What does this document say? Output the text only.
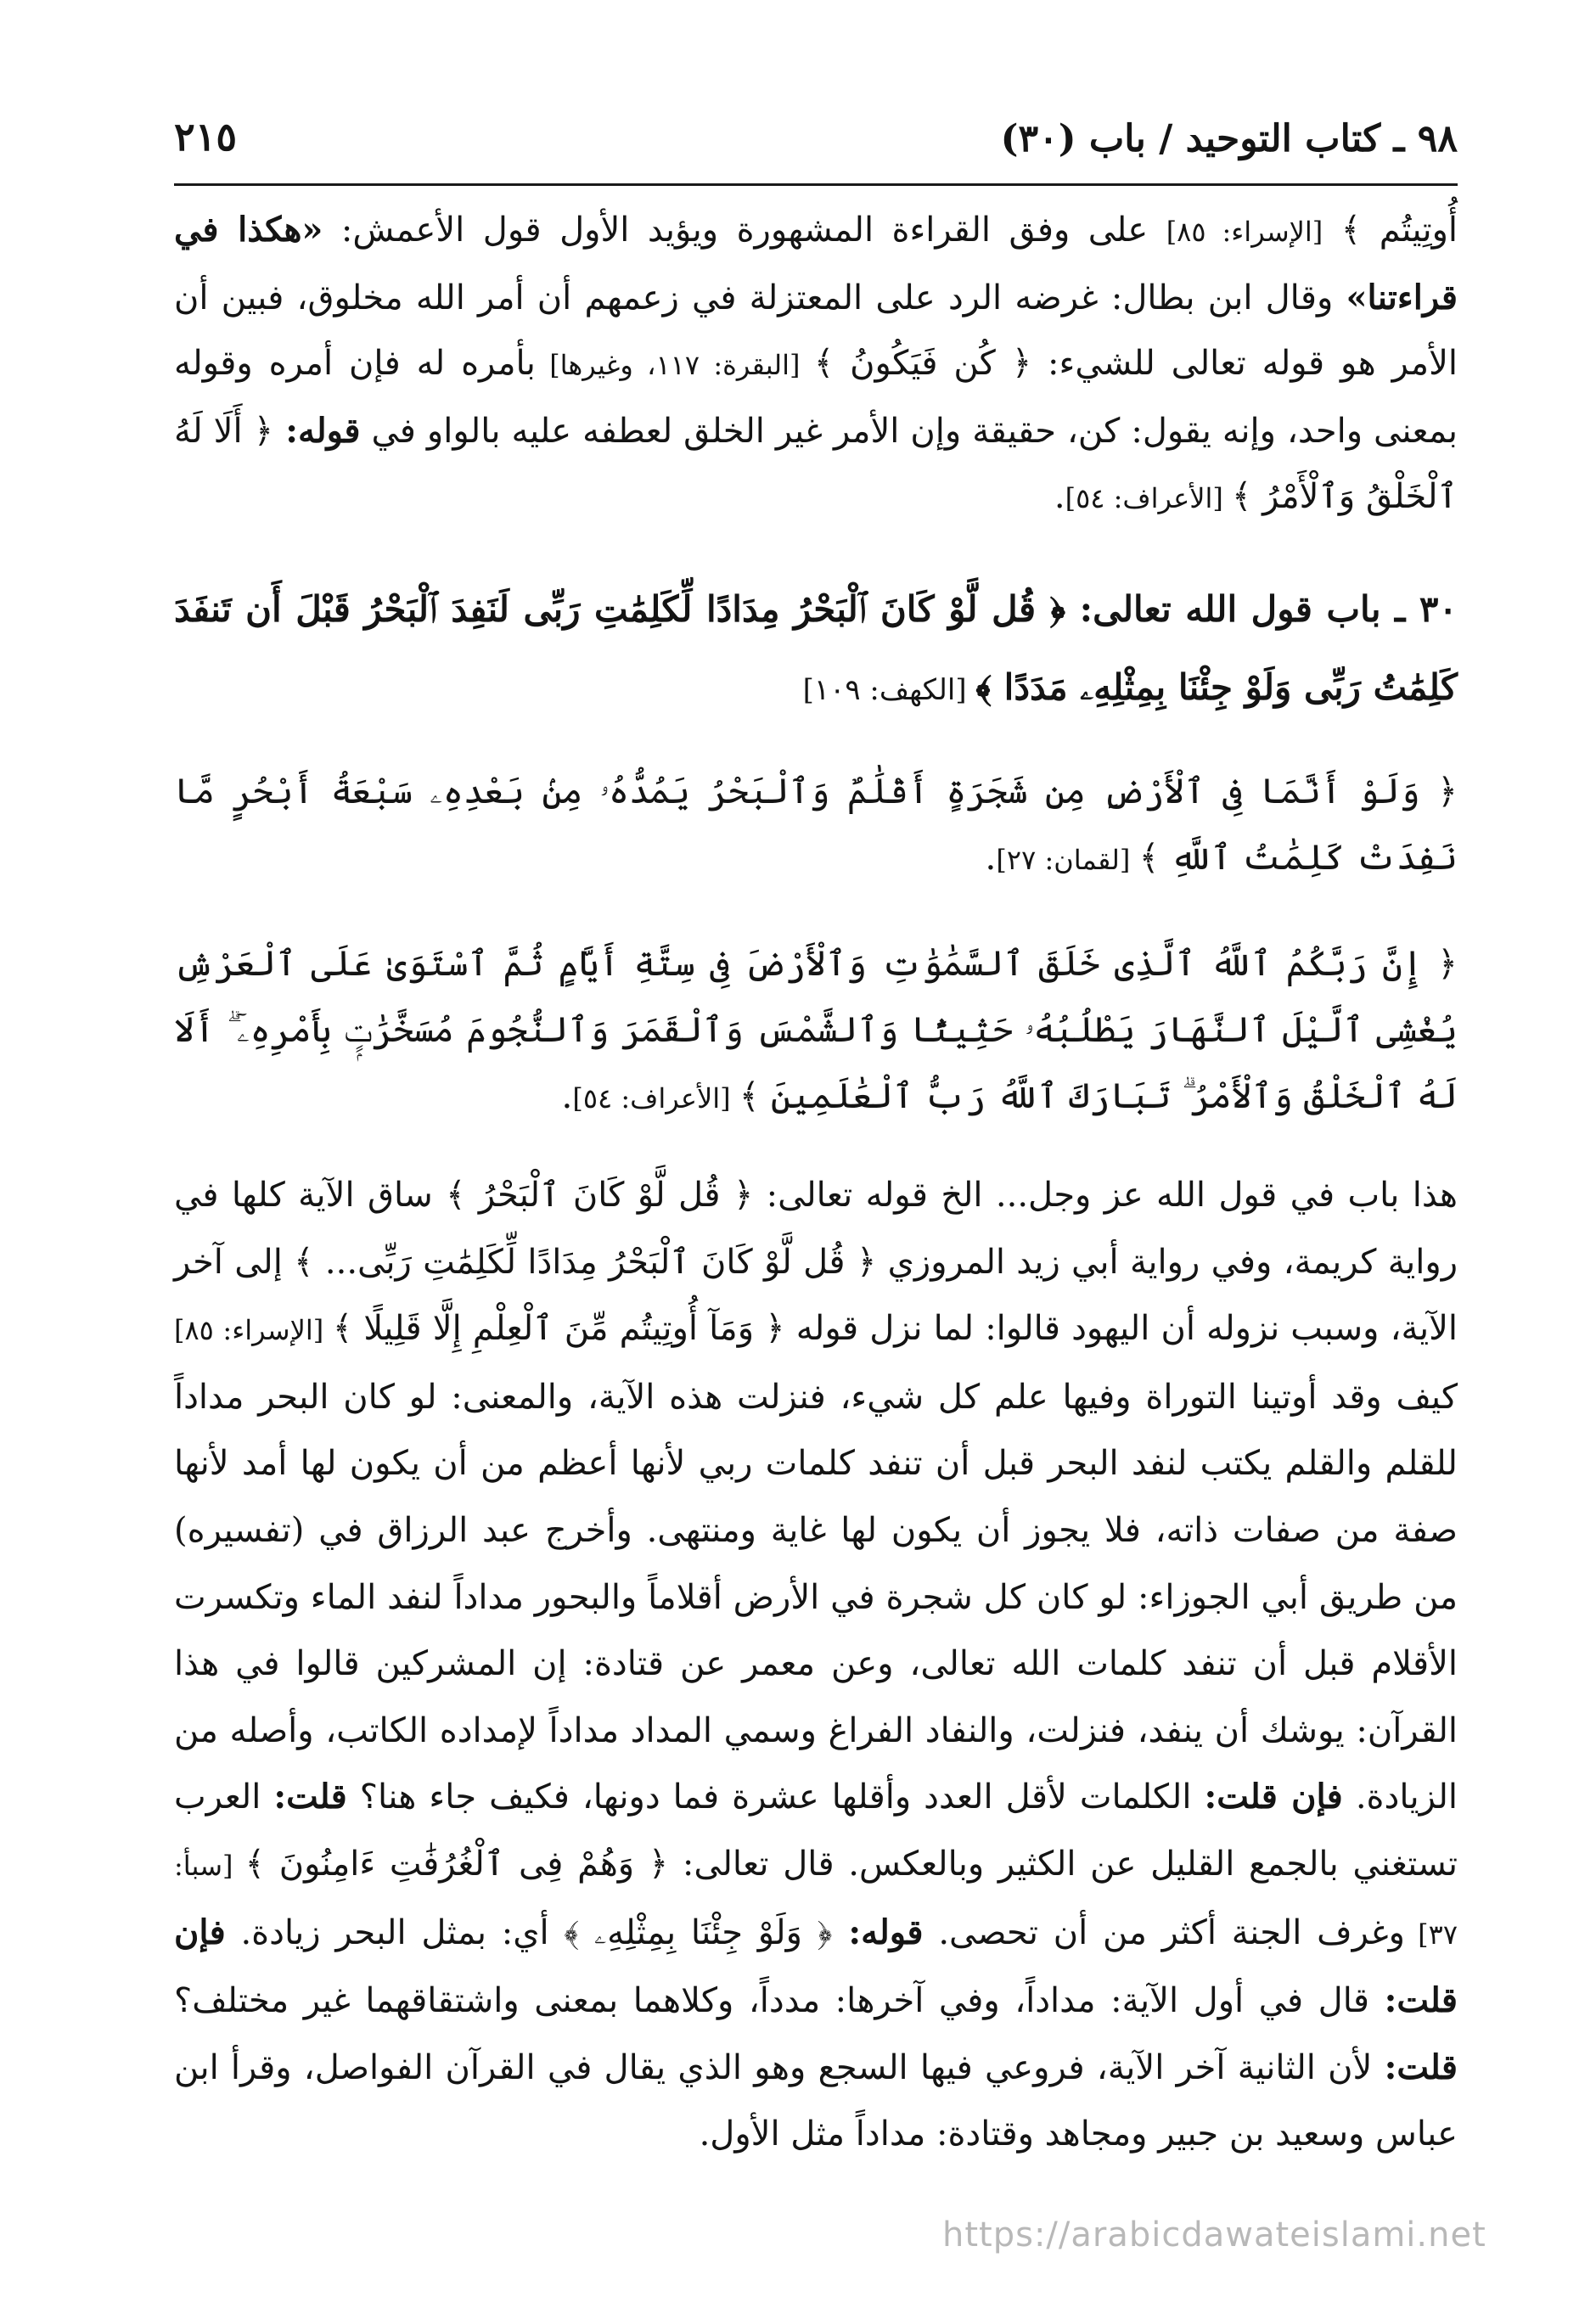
٩٨ ـ كتاب التوحيد / باب (٣٠)
٢١٥

أُوتِيتُم ﴾ [الإسراء: ٨٥] على وفق القراءة المشهورة ويؤيد الأول قول الأعمش: «هكذا في قراءتنا» وقال ابن بطال: غرضه الرد على المعتزلة في زعمهم أن أمر الله مخلوق، فبين أن الأمر هو قوله تعالى للشيء: ﴿ كُن فَيَكُونُ ﴾ [البقرة: ١١٧، وغيرها] بأمره له فإن أمره وقوله بمعنى واحد، وإنه يقول: كن، حقيقة وإن الأمر غير الخلق لعطفه عليه بالواو في قوله: ﴿ أَلَا لَهُ ٱلْخَلْقُ وَٱلْأَمْرُ ﴾ [الأعراف: ٥٤].

٣٠ ـ باب قول الله تعالى: ﴿ قُل لَّوْ كَانَ ٱلْبَحْرُ مِدَادًا لِّكَلِمَٰتِ رَبِّى لَنَفِدَ ٱلْبَحْرُ قَبْلَ أَن تَنفَدَ كَلِمَٰتُ رَبِّى وَلَوْ جِئْنَا بِمِثْلِهِۦ مَدَدًا ﴾ [الكهف: ١٠٩]

﴿ وَلَوْ أَنَّمَا فِى ٱلْأَرْضِ مِن شَجَرَةٍ أَقْلَٰمٌ وَٱلْبَحْرُ يَمُدُّهُۥ مِنۢ بَعْدِهِۦ سَبْعَةُ أَبْحُرٍ مَّا نَفِدَتْ كَلِمَٰتُ ٱللَّهِ ﴾ [لقمان: ٢٧].

﴿ إِنَّ رَبَّكُمُ ٱللَّهُ ٱلَّذِى خَلَقَ ٱلسَّمَٰوَٰتِ وَٱلْأَرْضَ فِى سِتَّةِ أَيَّامٍ ثُمَّ ٱسْتَوَىٰ عَلَى ٱلْعَرْشِ يُغْشِى ٱلَّيْلَ ٱلنَّهَارَ يَطْلُبُهُۥ حَثِيثًا وَٱلشَّمْسَ وَٱلْقَمَرَ وَٱلنُّجُومَ مُسَخَّرَٰتٍۭ بِأَمْرِهِۦٓ ۗ أَلَا لَهُ ٱلْخَلْقُ وَٱلْأَمْرُ ۗ تَبَارَكَ ٱللَّهُ رَبُّ ٱلْعَٰلَمِينَ ﴾ [الأعراف: ٥٤].

هذا باب في قول الله عز وجل... الخ قوله تعالى: ﴿ قُل لَّوْ كَانَ ٱلْبَحْرُ ﴾ ساق الآية كلها في رواية كريمة، وفي رواية أبي زيد المروزي ﴿ قُل لَّوْ كَانَ ٱلْبَحْرُ مِدَادًا لِّكَلِمَٰتِ رَبِّى... ﴾ إلى آخر الآية، وسبب نزوله أن اليهود قالوا: لما نزل قوله ﴿ وَمَآ أُوتِيتُم مِّنَ ٱلْعِلْمِ إِلَّا قَلِيلًا ﴾ [الإسراء: ٨٥] كيف وقد أوتينا التوراة وفيها علم كل شيء، فنزلت هذه الآية، والمعنى: لو كان البحر مداداً للقلم والقلم يكتب لنفد البحر قبل أن تنفد كلمات ربي لأنها أعظم من أن يكون لها أمد لأنها صفة من صفات ذاته، فلا يجوز أن يكون لها غاية ومنتهى. وأخرج عبد الرزاق في (تفسيره) من طريق أبي الجوزاء: لو كان كل شجرة في الأرض أقلاماً والبحور مداداً لنفد الماء وتكسرت الأقلام قبل أن تنفد كلمات الله تعالى، وعن معمر عن قتادة: إن المشركين قالوا في هذا القرآن: يوشك أن ينفد، فنزلت، والنفاد الفراغ وسمي المداد مداداً لإمداده الكاتب، وأصله من الزيادة. فإن قلت: الكلمات لأقل العدد وأقلها عشرة فما دونها، فكيف جاء هنا؟ قلت: العرب تستغني بالجمع القليل عن الكثير وبالعكس. قال تعالى: ﴿ وَهُمْ فِى ٱلْغُرُفَٰتِ ءَامِنُونَ ﴾ [سبأ: ٣٧] وغرف الجنة أكثر من أن تحصى. قوله: ﴿ وَلَوْ جِئْنَا بِمِثْلِهِۦ ﴾ أي: بمثل البحر زيادة. فإن قلت: قال في أول الآية: مداداً، وفي آخرها: مدداً، وكلاهما بمعنى واشتقاقهما غير مختلف؟ قلت: لأن الثانية آخر الآية، فروعي فيها السجع وهو الذي يقال في القرآن الفواصل، وقرأ ابن عباس وسعيد بن جبير ومجاهد وقتادة: مداداً مثل الأول.

https://arabicdawateislami.net
